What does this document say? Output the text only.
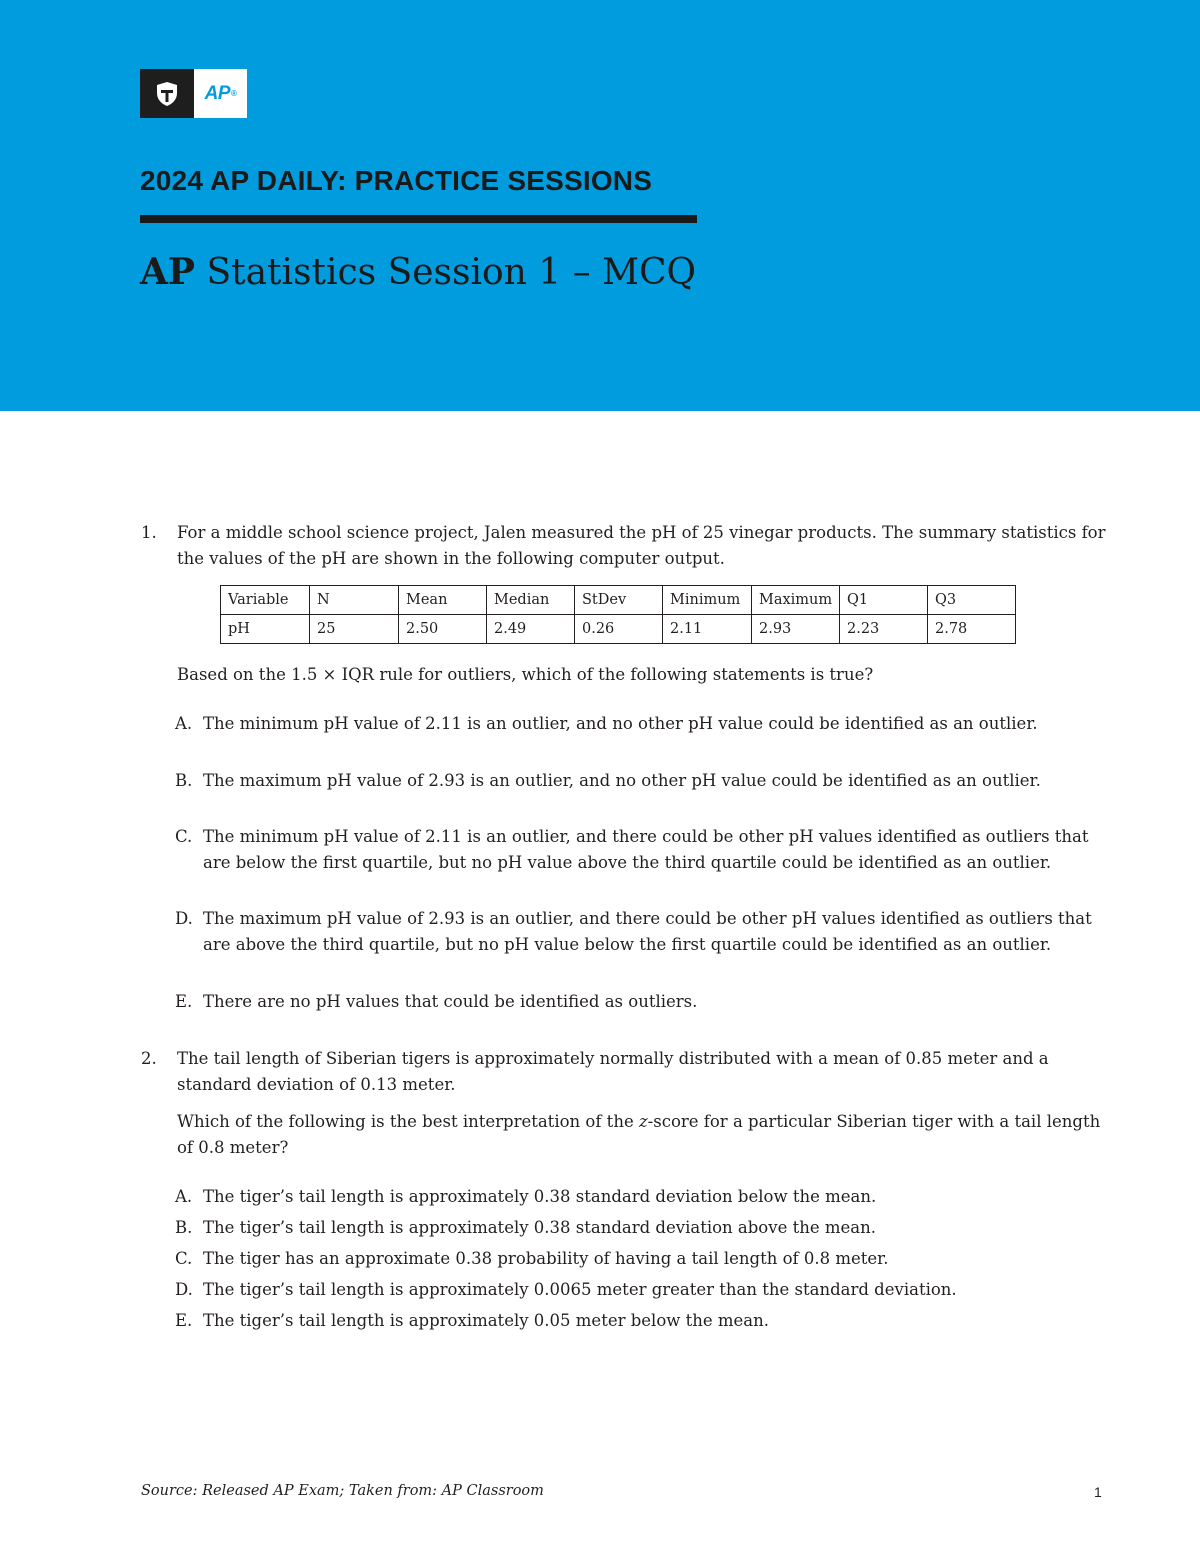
AP ®
2024 AP DAILY: PRACTICE SESSIONS
AP Statistics Session 1 – MCQ
1. For a middle school science project, Jalen measured the pH of 25 vinegar products. The summary statistics for the values of the pH are shown in the following computer output.
Variable	N	Mean	Median	StDev	Minimum	Maximum	Q1	Q3
pH	25	2.50	2.49	0.26	2.11	2.93	2.23	2.78
Based on the 1.5 × IQR rule for outliers, which of the following statements is true?
A. The minimum pH value of 2.11 is an outlier, and no other pH value could be identified as an outlier.
B. The maximum pH value of 2.93 is an outlier, and no other pH value could be identified as an outlier.
C. The minimum pH value of 2.11 is an outlier, and there could be other pH values identified as outliers that are below the first quartile, but no pH value above the third quartile could be identified as an outlier.
D. The maximum pH value of 2.93 is an outlier, and there could be other pH values identified as outliers that are above the third quartile, but no pH value below the first quartile could be identified as an outlier.
E. There are no pH values that could be identified as outliers.
2. The tail length of Siberian tigers is approximately normally distributed with a mean of 0.85 meter and a standard deviation of 0.13 meter.
Which of the following is the best interpretation of the z-score for a particular Siberian tiger with a tail length of 0.8 meter?
A. The tiger’s tail length is approximately 0.38 standard deviation below the mean.
B. The tiger’s tail length is approximately 0.38 standard deviation above the mean.
C. The tiger has an approximate 0.38 probability of having a tail length of 0.8 meter.
D. The tiger’s tail length is approximately 0.0065 meter greater than the standard deviation.
E. The tiger’s tail length is approximately 0.05 meter below the mean.
Source: Released AP Exam; Taken from: AP Classroom	1
